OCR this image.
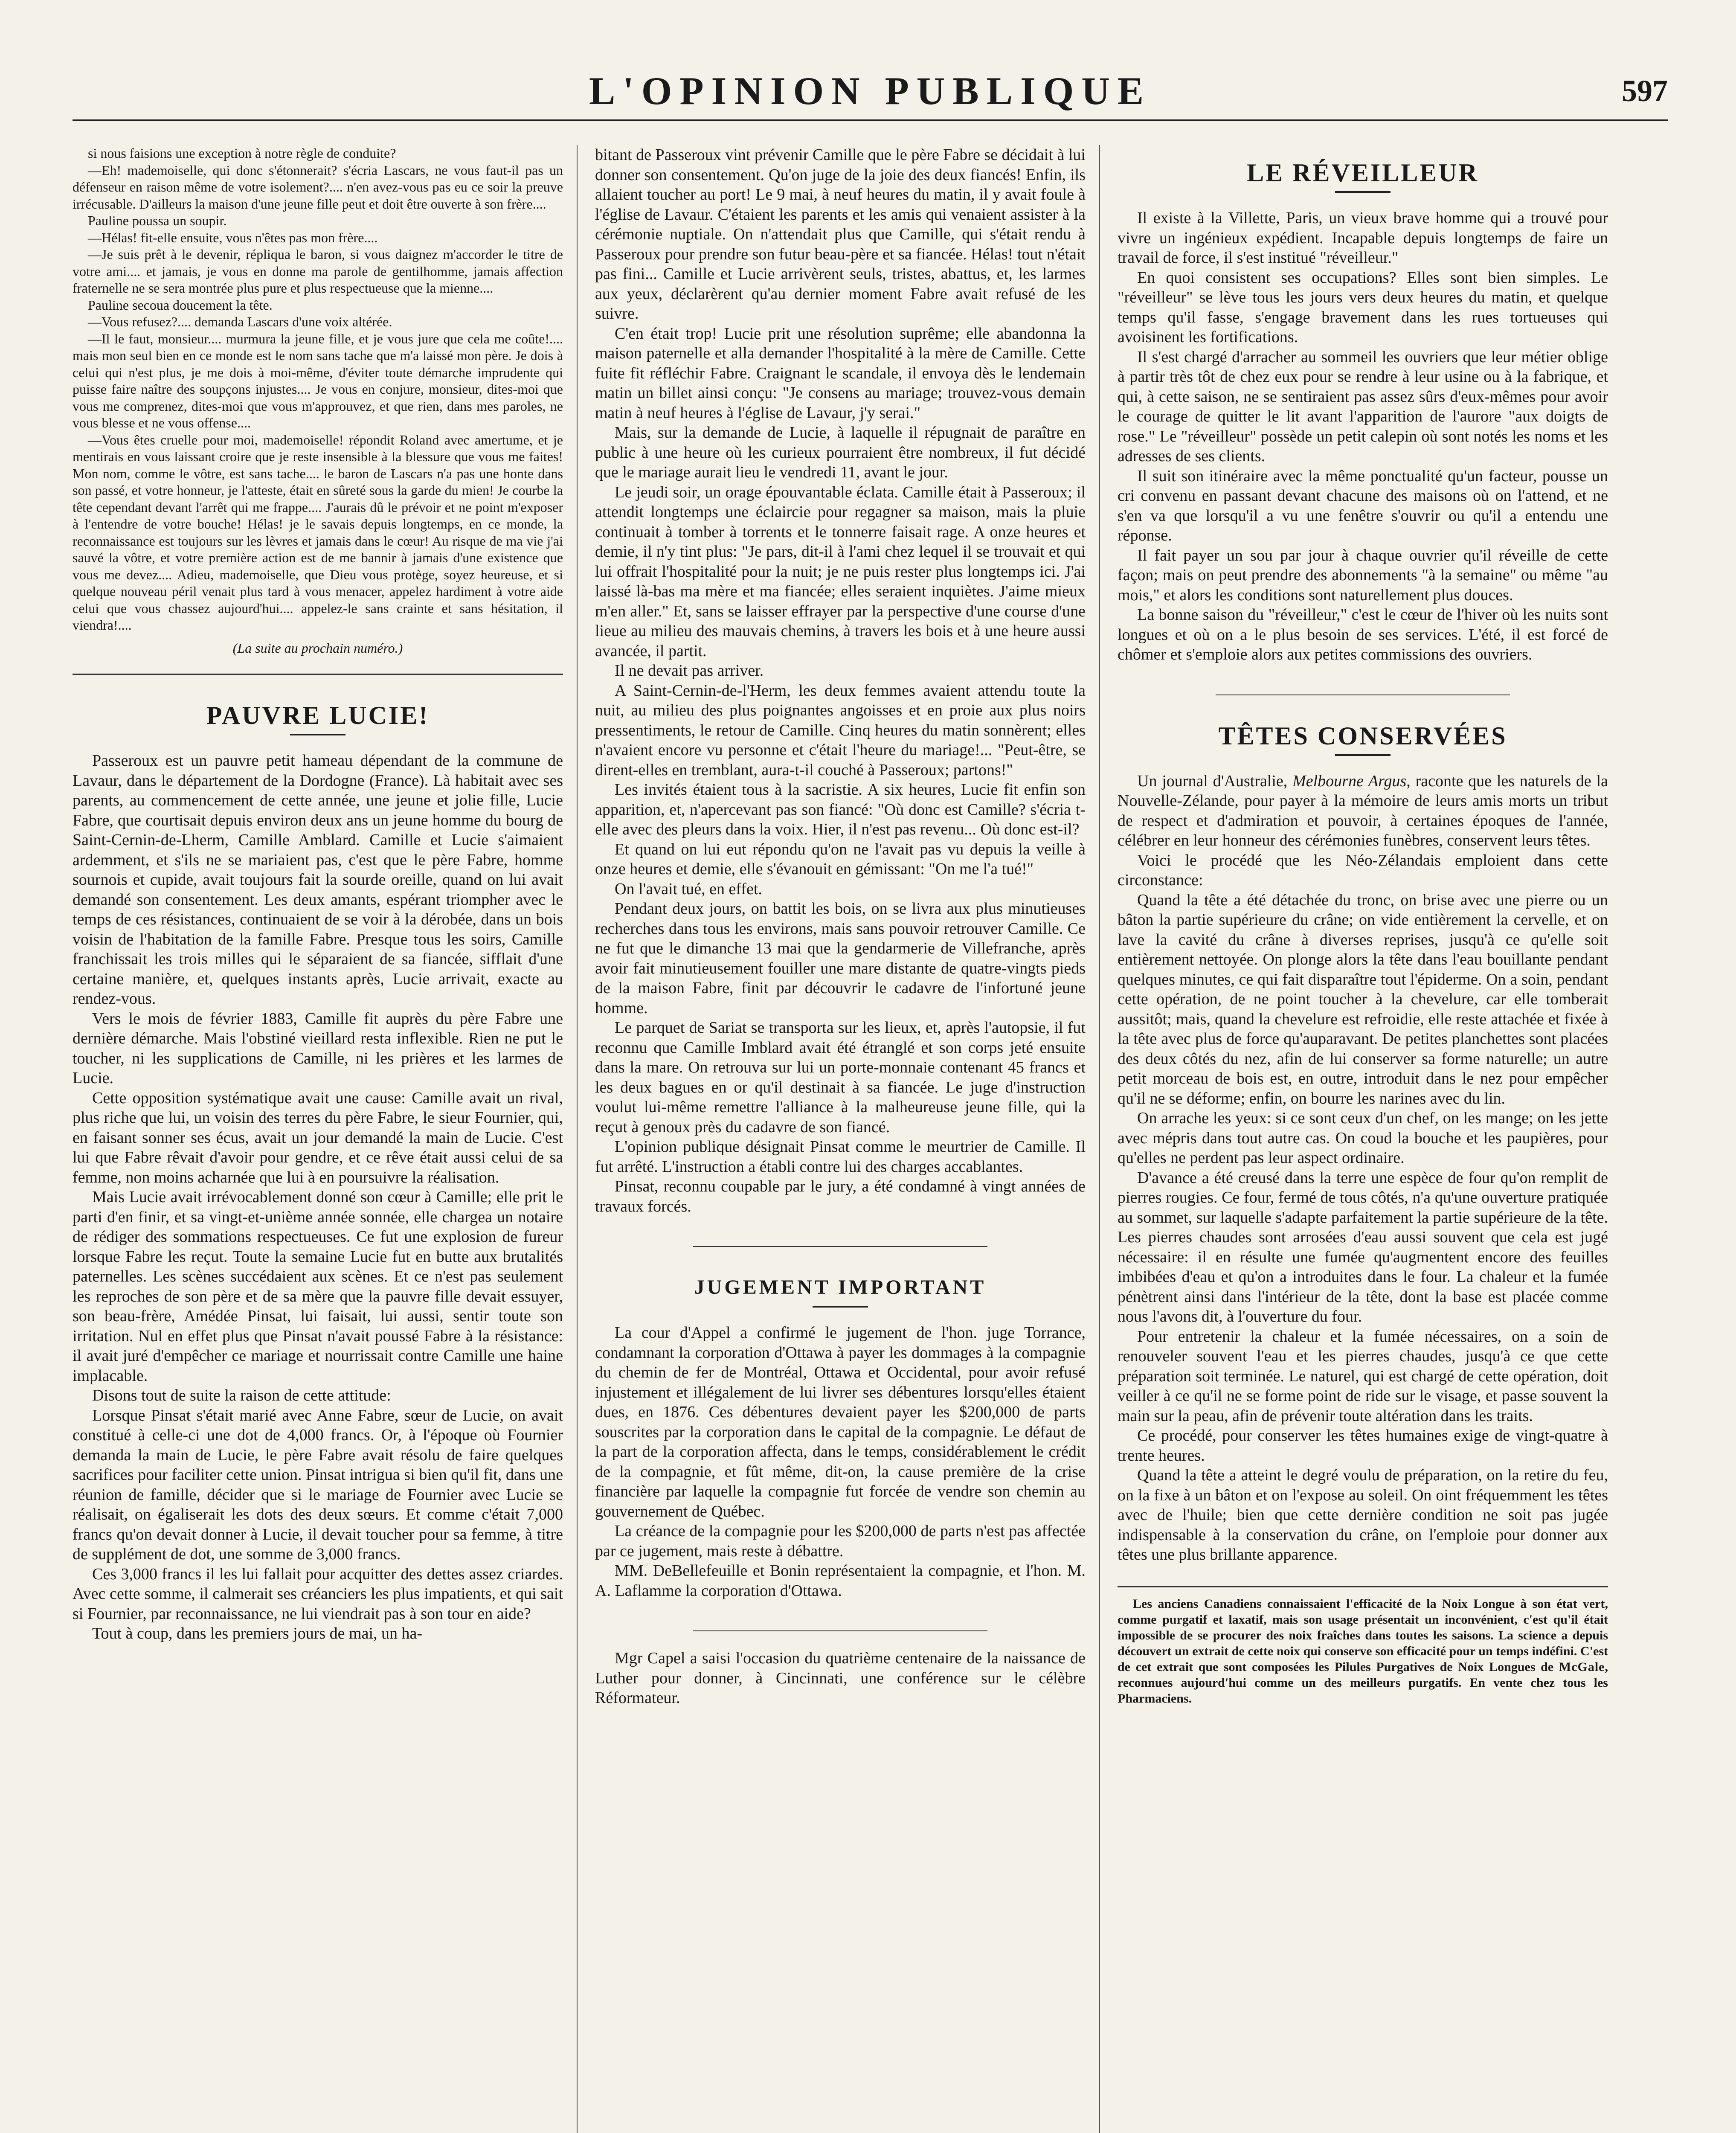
L'OPINION PUBLIQUE	597

si nous faisions une exception à notre règle de conduite?

—Eh! mademoiselle, qui donc s'étonnerait? s'écria Lascars, ne vous faut-il pas un défenseur en raison même de votre isolement?.... n'en avez-vous pas eu ce soir la preuve irrécusable. D'ailleurs la maison d'une jeune fille peut et doit être ouverte à son frère....

Pauline poussa un soupir.

—Hélas! fit-elle ensuite, vous n'êtes pas mon frère....

—Je suis prêt à le devenir, répliqua le baron, si vous daignez m'accorder le titre de votre ami.... et jamais, je vous en donne ma parole de gentilhomme, jamais affection fraternelle ne se sera montrée plus pure et plus respectueuse que la mienne....

Pauline secoua doucement la tête.

—Vous refusez?.... demanda Lascars d'une voix altérée.

—Il le faut, monsieur.... murmura la jeune fille, et je vous jure que cela me coûte!.... mais mon seul bien en ce monde est le nom sans tache que m'a laissé mon père. Je dois à celui qui n'est plus, je me dois à moi-même, d'éviter toute démarche imprudente qui puisse faire naître des soupçons injustes.... Je vous en conjure, monsieur, dites-moi que vous me comprenez, dites-moi que vous m'approuvez, et que rien, dans mes paroles, ne vous blesse et ne vous offense....

—Vous êtes cruelle pour moi, mademoiselle! répondit Roland avec amertume, et je mentirais en vous laissant croire que je reste insensible à la blessure que vous me faites! Mon nom, comme le vôtre, est sans tache.... le baron de Lascars n'a pas une honte dans son passé, et votre honneur, je l'atteste, était en sûreté sous la garde du mien! Je courbe la tête cependant devant l'arrêt qui me frappe.... J'aurais dû le prévoir et ne point m'exposer à l'entendre de votre bouche! Hélas! je le savais depuis longtemps, en ce monde, la reconnaissance est toujours sur les lèvres et jamais dans le cœur! Au risque de ma vie j'ai sauvé la vôtre, et votre première action est de me bannir à jamais d'une existence que vous me devez.... Adieu, mademoiselle, que Dieu vous protège, soyez heureuse, et si quelque nouveau péril venait plus tard à vous menacer, appelez hardiment à votre aide celui que vous chassez aujourd'hui.... appelez-le sans crainte et sans hésitation, il viendra!....

(La suite au prochain numéro.)
PAUVRE LUCIE!

Passeroux est un pauvre petit hameau dépendant de la commune de Lavaur, dans le département de la Dordogne (France). Là habitait avec ses parents, au commencement de cette année, une jeune et jolie fille, Lucie Fabre, que courtisait depuis environ deux ans un jeune homme du bourg de Saint-Cernin-de-Lherm, Camille Amblard. Camille et Lucie s'aimaient ardemment, et s'ils ne se mariaient pas, c'est que le père Fabre, homme sournois et cupide, avait toujours fait la sourde oreille, quand on lui avait demandé son consentement. Les deux amants, espérant triompher avec le temps de ces résistances, continuaient de se voir à la dérobée, dans un bois voisin de l'habitation de la famille Fabre. Presque tous les soirs, Camille franchissait les trois milles qui le séparaient de sa fiancée, sifflait d'une certaine manière, et, quelques instants après, Lucie arrivait, exacte au rendez-vous.

Vers le mois de février 1883, Camille fit auprès du père Fabre une dernière démarche. Mais l'obstiné vieillard resta inflexible. Rien ne put le toucher, ni les supplications de Camille, ni les prières et les larmes de Lucie.

Cette opposition systématique avait une cause: Camille avait un rival, plus riche que lui, un voisin des terres du père Fabre, le sieur Fournier, qui, en faisant sonner ses écus, avait un jour demandé la main de Lucie. C'est lui que Fabre rêvait d'avoir pour gendre, et ce rêve était aussi celui de sa femme, non moins acharnée que lui à en poursuivre la réalisation.

Mais Lucie avait irrévocablement donné son cœur à Camille; elle prit le parti d'en finir, et sa vingt-et-unième année sonnée, elle chargea un notaire de rédiger des sommations respectueuses. Ce fut une explosion de fureur lorsque Fabre les reçut. Toute la semaine Lucie fut en butte aux brutalités paternelles. Les scènes succédaient aux scènes. Et ce n'est pas seulement les reproches de son père et de sa mère que la pauvre fille devait essuyer, son beau-frère, Amédée Pinsat, lui faisait, lui aussi, sentir toute son irritation. Nul en effet plus que Pinsat n'avait poussé Fabre à la résistance: il avait juré d'empêcher ce mariage et nourrissait contre Camille une haine implacable.

Disons tout de suite la raison de cette attitude:

Lorsque Pinsat s'était marié avec Anne Fabre, sœur de Lucie, on avait constitué à celle-ci une dot de 4,000 francs. Or, à l'époque où Fournier demanda la main de Lucie, le père Fabre avait résolu de faire quelques sacrifices pour faciliter cette union. Pinsat intrigua si bien qu'il fit, dans une réunion de famille, décider que si le mariage de Fournier avec Lucie se réalisait, on égaliserait les dots des deux sœurs. Et comme c'était 7,000 francs qu'on devait donner à Lucie, il devait toucher pour sa femme, à titre de supplément de dot, une somme de 3,000 francs.

Ces 3,000 francs il les lui fallait pour acquitter des dettes assez criardes. Avec cette somme, il calmerait ses créanciers les plus impatients, et qui sait si Fournier, par reconnaissance, ne lui viendrait pas à son tour en aide?

Tout à coup, dans les premiers jours de mai, un ha-

bitant de Passeroux vint prévenir Camille que le père Fabre se décidait à lui donner son consentement. Qu'on juge de la joie des deux fiancés! Enfin, ils allaient toucher au port! Le 9 mai, à neuf heures du matin, il y avait foule à l'église de Lavaur. C'étaient les parents et les amis qui venaient assister à la cérémonie nuptiale. On n'attendait plus que Camille, qui s'était rendu à Passeroux pour prendre son futur beau-père et sa fiancée. Hélas! tout n'était pas fini... Camille et Lucie arrivèrent seuls, tristes, abattus, et, les larmes aux yeux, déclarèrent qu'au dernier moment Fabre avait refusé de les suivre.

C'en était trop! Lucie prit une résolution suprême; elle abandonna la maison paternelle et alla demander l'hospitalité à la mère de Camille. Cette fuite fit réfléchir Fabre. Craignant le scandale, il envoya dès le lendemain matin un billet ainsi conçu: "Je consens au mariage; trouvez-vous demain matin à neuf heures à l'église de Lavaur, j'y serai."

Mais, sur la demande de Lucie, à laquelle il répugnait de paraître en public à une heure où les curieux pourraient être nombreux, il fut décidé que le mariage aurait lieu le vendredi 11, avant le jour.

Le jeudi soir, un orage épouvantable éclata. Camille était à Passeroux; il attendit longtemps une éclaircie pour regagner sa maison, mais la pluie continuait à tomber à torrents et le tonnerre faisait rage. A onze heures et demie, il n'y tint plus: "Je pars, dit-il à l'ami chez lequel il se trouvait et qui lui offrait l'hospitalité pour la nuit; je ne puis rester plus longtemps ici. J'ai laissé là-bas ma mère et ma fiancée; elles seraient inquiètes. J'aime mieux m'en aller." Et, sans se laisser effrayer par la perspective d'une course d'une lieue au milieu des mauvais chemins, à travers les bois et à une heure aussi avancée, il partit.

Il ne devait pas arriver.

A Saint-Cernin-de-l'Herm, les deux femmes avaient attendu toute la nuit, au milieu des plus poignantes angoisses et en proie aux plus noirs pressentiments, le retour de Camille. Cinq heures du matin sonnèrent; elles n'avaient encore vu personne et c'était l'heure du mariage!... "Peut-être, se dirent-elles en tremblant, aura-t-il couché à Passeroux; partons!"

Les invités étaient tous à la sacristie. A six heures, Lucie fit enfin son apparition, et, n'apercevant pas son fiancé: "Où donc est Camille? s'écria t-elle avec des pleurs dans la voix. Hier, il n'est pas revenu... Où donc est-il?

Et quand on lui eut répondu qu'on ne l'avait pas vu depuis la veille à onze heures et demie, elle s'évanouit en gémissant: "On me l'a tué!"

On l'avait tué, en effet.

Pendant deux jours, on battit les bois, on se livra aux plus minutieuses recherches dans tous les environs, mais sans pouvoir retrouver Camille. Ce ne fut que le dimanche 13 mai que la gendarmerie de Villefranche, après avoir fait minutieusement fouiller une mare distante de quatre-vingts pieds de la maison Fabre, finit par découvrir le cadavre de l'infortuné jeune homme.

Le parquet de Sariat se transporta sur les lieux, et, après l'autopsie, il fut reconnu que Camille Imblard avait été étranglé et son corps jeté ensuite dans la mare. On retrouva sur lui un porte-monnaie contenant 45 francs et les deux bagues en or qu'il destinait à sa fiancée. Le juge d'instruction voulut lui-même remettre l'alliance à la malheureuse jeune fille, qui la reçut à genoux près du cadavre de son fiancé.

L'opinion publique désignait Pinsat comme le meurtrier de Camille. Il fut arrêté. L'instruction a établi contre lui des charges accablantes.

Pinsat, reconnu coupable par le jury, a été condamné à vingt années de travaux forcés.

JUGEMENT IMPORTANT

La cour d'Appel a confirmé le jugement de l'hon. juge Torrance, condamnant la corporation d'Ottawa à payer les dommages à la compagnie du chemin de fer de Montréal, Ottawa et Occidental, pour avoir refusé injustement et illégalement de lui livrer ses débentures lorsqu'elles étaient dues, en 1876. Ces débentures devaient payer les $200,000 de parts souscrites par la corporation dans le capital de la compagnie. Le défaut de la part de la corporation affecta, dans le temps, considérablement le crédit de la compagnie, et fût même, dit-on, la cause première de la crise financière par laquelle la compagnie fut forcée de vendre son chemin au gouvernement de Québec.

La créance de la compagnie pour les $200,000 de parts n'est pas affectée par ce jugement, mais reste à débattre.

MM. DeBellefeuille et Bonin représentaient la compagnie, et l'hon. M. A. Laflamme la corporation d'Ottawa.

Mgr Capel a saisi l'occasion du quatrième centenaire de la naissance de Luther pour donner, à Cincinnati, une conférence sur le célèbre Réformateur.

LE RÉVEILLEUR

Il existe à la Villette, Paris, un vieux brave homme qui a trouvé pour vivre un ingénieux expédient. Incapable depuis longtemps de faire un travail de force, il s'est institué "réveilleur."

En quoi consistent ses occupations? Elles sont bien simples. Le "réveilleur" se lève tous les jours vers deux heures du matin, et quelque temps qu'il fasse, s'engage bravement dans les rues tortueuses qui avoisinent les fortifications.

Il s'est chargé d'arracher au sommeil les ouvriers que leur métier oblige à partir très tôt de chez eux pour se rendre à leur usine ou à la fabrique, et qui, à cette saison, ne se sentiraient pas assez sûrs d'eux-mêmes pour avoir le courage de quitter le lit avant l'apparition de l'aurore "aux doigts de rose." Le "réveilleur" possède un petit calepin où sont notés les noms et les adresses de ses clients.

Il suit son itinéraire avec la même ponctualité qu'un facteur, pousse un cri convenu en passant devant chacune des maisons où on l'attend, et ne s'en va que lorsqu'il a vu une fenêtre s'ouvrir ou qu'il a entendu une réponse.

Il fait payer un sou par jour à chaque ouvrier qu'il réveille de cette façon; mais on peut prendre des abonnements "à la semaine" ou même "au mois," et alors les conditions sont naturellement plus douces.

La bonne saison du "réveilleur," c'est le cœur de l'hiver où les nuits sont longues et où on a le plus besoin de ses services. L'été, il est forcé de chômer et s'emploie alors aux petites commissions des ouvriers.

TÊTES CONSERVÉES

Un journal d'Australie, Melbourne Argus, raconte que les naturels de la Nouvelle-Zélande, pour payer à la mémoire de leurs amis morts un tribut de respect et d'admiration et pouvoir, à certaines époques de l'année, célébrer en leur honneur des cérémonies funèbres, conservent leurs têtes.

Voici le procédé que les Néo-Zélandais emploient dans cette circonstance:

Quand la tête a été détachée du tronc, on brise avec une pierre ou un bâton la partie supérieure du crâne; on vide entièrement la cervelle, et on lave la cavité du crâne à diverses reprises, jusqu'à ce qu'elle soit entièrement nettoyée. On plonge alors la tête dans l'eau bouillante pendant quelques minutes, ce qui fait disparaître tout l'épiderme. On a soin, pendant cette opération, de ne point toucher à la chevelure, car elle tomberait aussitôt; mais, quand la chevelure est refroidie, elle reste attachée et fixée à la tête avec plus de force qu'auparavant. De petites planchettes sont placées des deux côtés du nez, afin de lui conserver sa forme naturelle; un autre petit morceau de bois est, en outre, introduit dans le nez pour empêcher qu'il ne se déforme; enfin, on bourre les narines avec du lin.

On arrache les yeux: si ce sont ceux d'un chef, on les mange; on les jette avec mépris dans tout autre cas. On coud la bouche et les paupières, pour qu'elles ne perdent pas leur aspect ordinaire.

D'avance a été creusé dans la terre une espèce de four qu'on remplit de pierres rougies. Ce four, fermé de tous côtés, n'a qu'une ouverture pratiquée au sommet, sur laquelle s'adapte parfaitement la partie supérieure de la tête. Les pierres chaudes sont arrosées d'eau aussi souvent que cela est jugé nécessaire: il en résulte une fumée qu'augmentent encore des feuilles imbibées d'eau et qu'on a introduites dans le four. La chaleur et la fumée pénètrent ainsi dans l'intérieur de la tête, dont la base est placée comme nous l'avons dit, à l'ouverture du four.

Pour entretenir la chaleur et la fumée nécessaires, on a soin de renouveler souvent l'eau et les pierres chaudes, jusqu'à ce que cette préparation soit terminée. Le naturel, qui est chargé de cette opération, doit veiller à ce qu'il ne se forme point de ride sur le visage, et passe souvent la main sur la peau, afin de prévenir toute altération dans les traits.

Ce procédé, pour conserver les têtes humaines exige de vingt-quatre à trente heures.

Quand la tête a atteint le degré voulu de préparation, on la retire du feu, on la fixe à un bâton et on l'expose au soleil. On oint fréquemment les têtes avec de l'huile; bien que cette dernière condition ne soit pas jugée indispensable à la conservation du crâne, on l'emploie pour donner aux têtes une plus brillante apparence.

Les anciens Canadiens connaissaient l'efficacité de la Noix Longue à son état vert, comme purgatif et laxatif, mais son usage présentait un inconvénient, c'est qu'il était impossible de se procurer des noix fraîches dans toutes les saisons. La science a depuis découvert un extrait de cette noix qui conserve son efficacité pour un temps indéfini. C'est de cet extrait que sont composées les Pilules Purgatives de Noix Longues de McGale, reconnues aujourd'hui comme un des meilleurs purgatifs. En vente chez tous les Pharmaciens.
